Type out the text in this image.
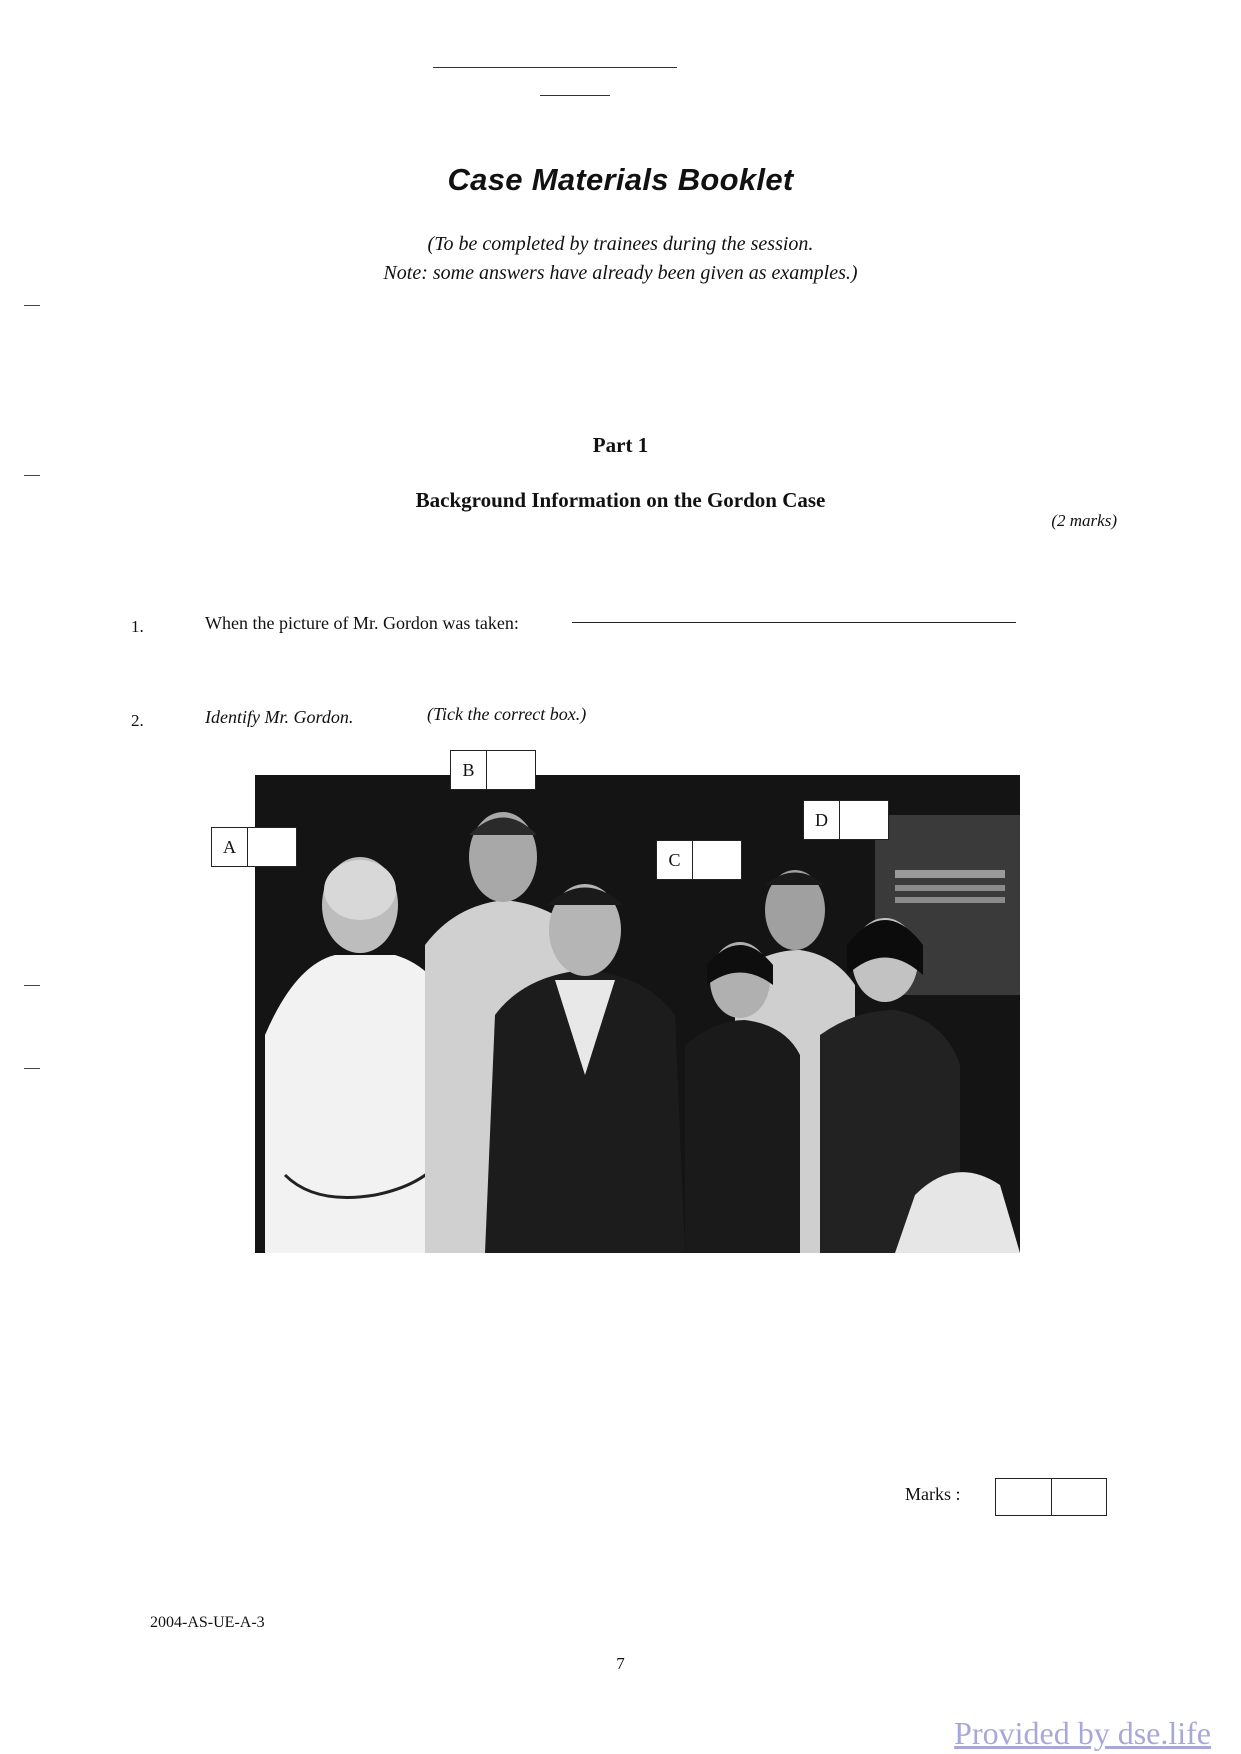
Case Materials Booklet
(To be completed by trainees during the session.
Note: some answers have already been given as examples.)
Part 1
Background Information on the Gordon Case
(2 marks)
1.	When the picture of Mr. Gordon was taken:
2.	Identify Mr. Gordon.	(Tick the correct box.)
A
B
C
D
Marks :
2004-AS-UE-A-3
7
Provided by dse.life
